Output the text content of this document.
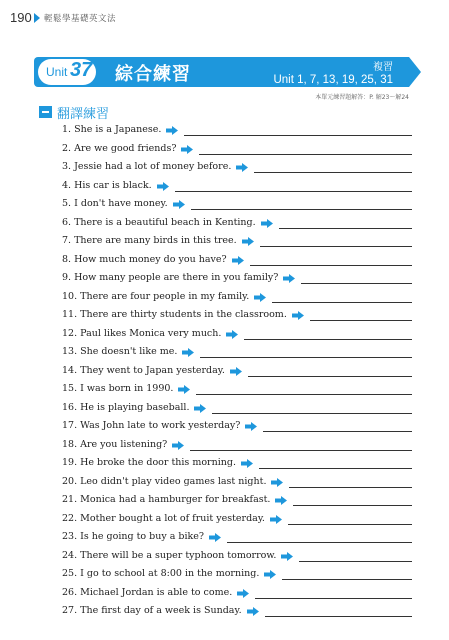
190 輕鬆學基礎英文法
Unit 37 綜合練習	複習
Unit 1, 7, 13, 19, 25, 31
本單元練習題解答：P. 解23～解24
翻譯練習
1. She is a Japanese.
2. Are we good friends?
3. Jessie had a lot of money before.
4. His car is black.
5. I don't have money.
6. There is a beautiful beach in Kenting.
7. There are many birds in this tree.
8. How much money do you have?
9. How many people are there in you family?
10. There are four people in my family.
11. There are thirty students in the classroom.
12. Paul likes Monica very much.
13. She doesn't like me.
14. They went to Japan yesterday.
15. I was born in 1990.
16. He is playing baseball.
17. Was John late to work yesterday?
18. Are you listening?
19. He broke the door this morning.
20. Leo didn't play video games last night.
21. Monica had a hamburger for breakfast.
22. Mother bought a lot of fruit yesterday.
23. Is he going to buy a bike?
24. There will be a super typhoon tomorrow.
25. I go to school at 8:00 in the morning.
26. Michael Jordan is able to come.
27. The first day of a week is Sunday.
